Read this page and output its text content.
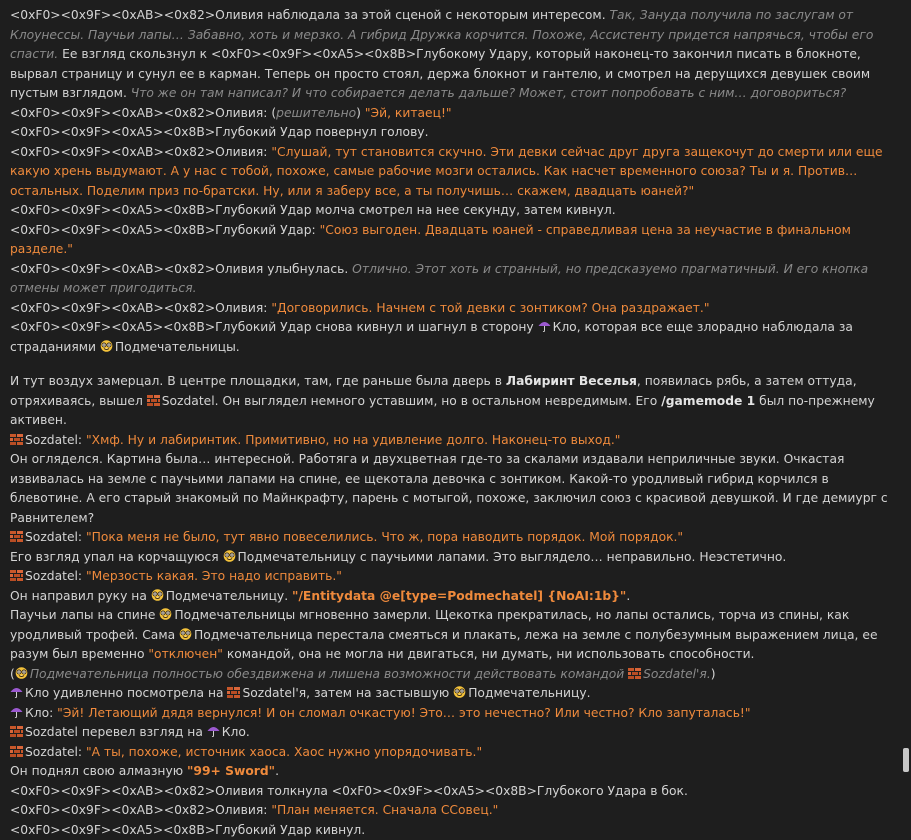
<0xF0><0x9F><0xAB><0x82>Оливия наблюдала за этой сценой с некоторым интересом. Так, Зануда получила по заслугам от Клоунессы. Паучьи лапы… Забавно, хоть и мерзко. А гибрид Дружка корчится. Похоже, Ассистенту придется напрячься, чтобы его спасти. Ее взгляд скользнул к <0xF0><0x9F><0xA5><0x8B>Глубокому Удару, который наконец-то закончил писать в блокноте, вырвал страницу и сунул ее в карман. Теперь он просто стоял, держа блокнот и гантелю, и смотрел на дерущихся девушек своим пустым взглядом. Что же он там написал? И что собирается делать дальше? Может, стоит попробовать с ним… договориться?
<0xF0><0x9F><0xAB><0x82>Оливия: (решительно) "Эй, китаец!"
<0xF0><0x9F><0xA5><0x8B>Глубокий Удар повернул голову.
<0xF0><0x9F><0xAB><0x82>Оливия: "Слушай, тут становится скучно. Эти девки сейчас друг друга защекочут до смерти или еще какую хрень выдумают. А у нас с тобой, похоже, самые рабочие мозги остались. Как насчет временного союза? Ты и я. Против… остальных. Поделим приз по-братски. Ну, или я заберу все, а ты получишь… скажем, двадцать юаней?"
<0xF0><0x9F><0xA5><0x8B>Глубокий Удар молча смотрел на нее секунду, затем кивнул.
<0xF0><0x9F><0xA5><0x8B>Глубокий Удар: "Союз выгоден. Двадцать юаней - справедливая цена за неучастие в финальном разделе."
<0xF0><0x9F><0xAB><0x82>Оливия улыбнулась. Отлично. Этот хоть и странный, но предсказуемо прагматичный. И его кнопка отмены может пригодиться.
<0xF0><0x9F><0xAB><0x82>Оливия: "Договорились. Начнем с той девки с зонтиком? Она раздражает."
<0xF0><0x9F><0xA5><0x8B>Глубокий Удар снова кивнул и шагнул в сторону
Кло, которая все еще злорадно наблюдала за страданиями
Подмечательницы.
И тут воздух замерцал. В центре площадки, там, где раньше была дверь в Лабиринт Веселья, появилась рябь, а затем оттуда, отряхиваясь, вышел
Sozdatel. Он выглядел немного уставшим, но в остальном невредимым. Его /gamemode 1 был по-прежнему активен.
Sozdatel: "Хмф. Ну и лабиринтик. Примитивно, но на удивление долго. Наконец-то выход."
Он огляделся. Картина была… интересной. Работяга и двухцветная где-то за скалами издавали неприличные звуки. Очкастая извивалась на земле с паучьими лапами на спине, ее щекотала девочка с зонтиком. Какой-то уродливый гибрид корчился в блевотине. А его старый знакомый по Майнкрафту, парень с мотыгой, похоже, заключил союз с красивой девушкой. И где демиург с Равнителем?
Sozdatel: "Пока меня не было, тут явно повеселились. Что ж, пора наводить порядок. Мой порядок."
Его взгляд упал на корчащуюся
Подмечательницу с паучьими лапами. Это выглядело… неправильно. Неэстетично.
Sozdatel: "Мерзость какая. Это надо исправить."
Он направил руку на
Подмечательницу. "/Entitydata @e[type=Podmechatel] {NoAI:1b}".
Паучьи лапы на спине
Подмечательницы мгновенно замерли. Щекотка прекратилась, но лапы остались, торча из спины, как уродливый трофей. Сама
Подмечательница перестала смеяться и плакать, лежа на земле с полубезумным выражением лица, ее разум был временно "отключен" командой, она не могла ни двигаться, ни думать, ни использовать способности.
( Подмечательница полностью обездвижена и лишена возможности действовать командой
Sozdatel'я.)
Кло удивленно посмотрела на
Sozdatel'я, затем на застывшую
Подмечательницу.
Кло: "Эй! Летающий дядя вернулся! И он сломал очкастую! Это… это нечестно? Или честно? Кло запуталась!"
Sozdatel перевел взгляд на
Кло.
Sozdatel: "А ты, похоже, источник хаоса. Хаос нужно упорядочивать."
Он поднял свою алмазную "99+ Sword".
<0xF0><0x9F><0xAB><0x82>Оливия толкнула <0xF0><0x9F><0xA5><0x8B>Глубокого Удара в бок.
<0xF0><0x9F><0xAB><0x82>Оливия: "План меняется. Сначала ССовец."
<0xF0><0x9F><0xA5><0x8B>Глубокий Удар кивнул.
